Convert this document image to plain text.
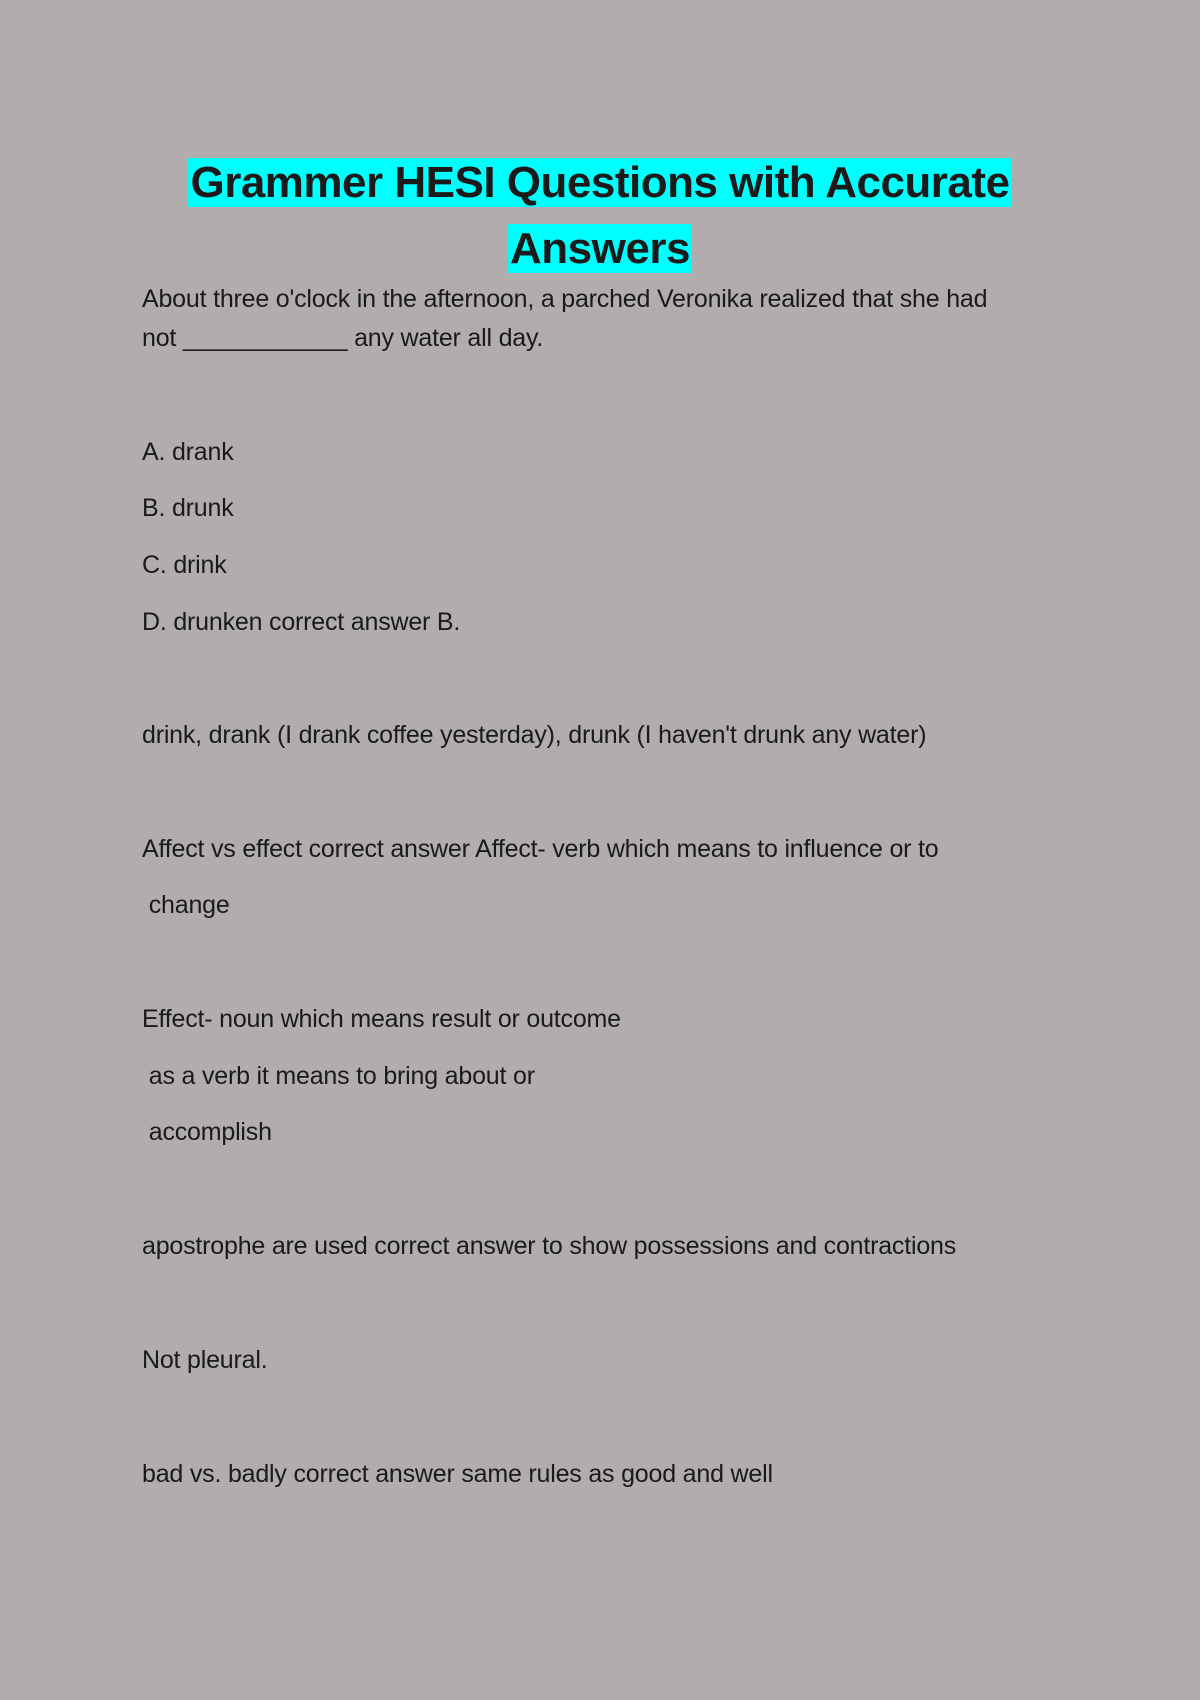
Grammer HESI Questions with Accurate
Answers
About three o'clock in the afternoon, a parched Veronika realized that she had
not ____________ any water all day.
A. drank
B. drunk
C. drink
D. drunken correct answer B.
drink, drank (I drank coffee yesterday), drunk (I haven't drunk any water)
Affect vs effect correct answer Affect- verb which means to influence or to
change
Effect- noun which means result or outcome
as a verb it means to bring about or
accomplish
apostrophe are used correct answer to show possessions and contractions
Not pleural.
bad vs. badly correct answer same rules as good and well
